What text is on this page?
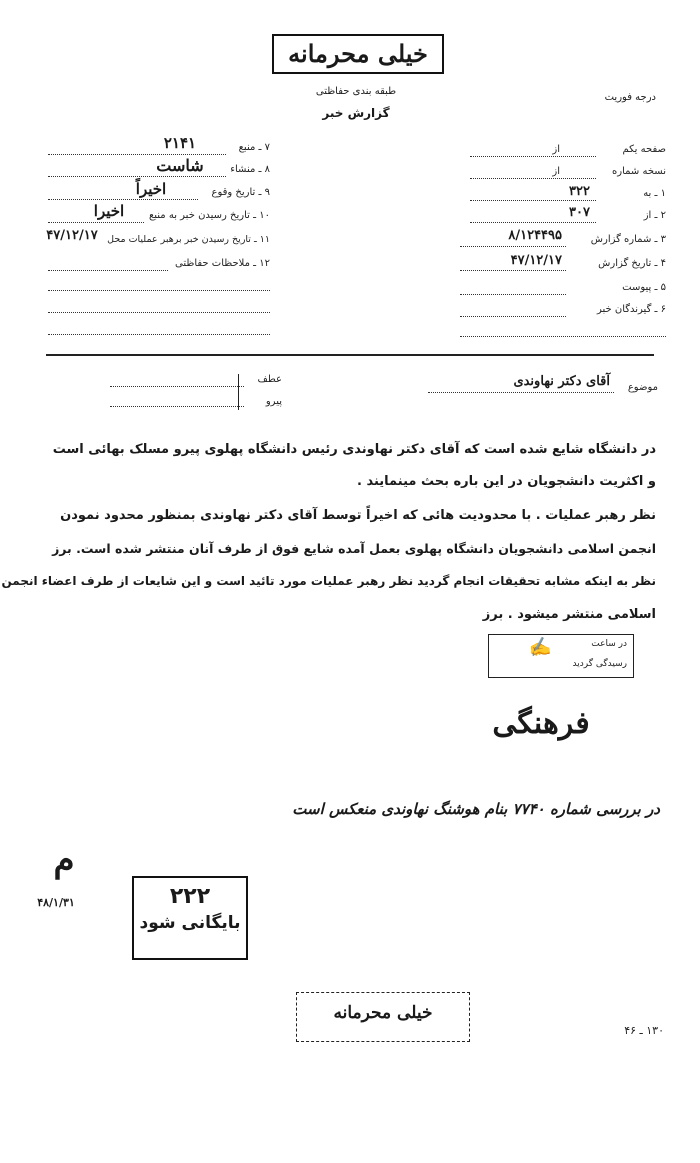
خیلی محرمانه
طبقه بندی حفاظتی
گزارش خبر
درجه فوریت
صفحه یکم
از
نسخه شماره
از
۱ ـ به
۳۲۲
۲ ـ از
۳۰۷
۳ ـ شماره گزارش
۸/۱۲۴۴۹۵
۴ ـ تاریخ گزارش
۴۷/۱۲/۱۷
۵ ـ پیوست
۶ ـ گیرندگان خبر
۷ ـ منبع
۲۱۴۱
۸ ـ منشاء
شاست
۹ ـ تاریخ وقوع
اخیراً
۱۰ ـ تاریخ رسیدن خبر به منبع
اخیرا
۱۱ ـ تاریخ رسیدن خبر برهبر عملیات محل
۴۷/۱۲/۱۷
۱۲ ـ ملاحظات حفاظتی
موضوع
آقای دکتر نهاوندی
عطف
پیرو
در دانشگاه شایع شده است که آقای دکتر نهاوندی رئیس دانشگاه پهلوی پیرو مسلک بهائی است
و اکثریت دانشجویان در این باره بحث مینمایند .
نظر رهبر عملیات . با محدودیت هائی که اخیراً توسط آقای دکتر نهاوندی بمنظور محدود نمودن
انجمن اسلامی دانشجویان دانشگاه پهلوی بعمل آمده شایع فوق از طرف آنان منتشر شده است. برز
نظر به اینکه مشابه تحقیقات انجام گردید نظر رهبر عملیات مورد تائید است و این شایعات از طرف اعضاء انجمن
اسلامی منتشر میشود . برز
در ساعت
رسیدگی گردید
✍
فرهنگی
در بررسی شماره ۷۷۴۰ بنام هوشنگ نهاوندی منعکس است
م
۴۸/۱/۳۱	۲۲۲
بایگانی شود
خیلی محرمانه
۱۳۰ ـ ۴۶
